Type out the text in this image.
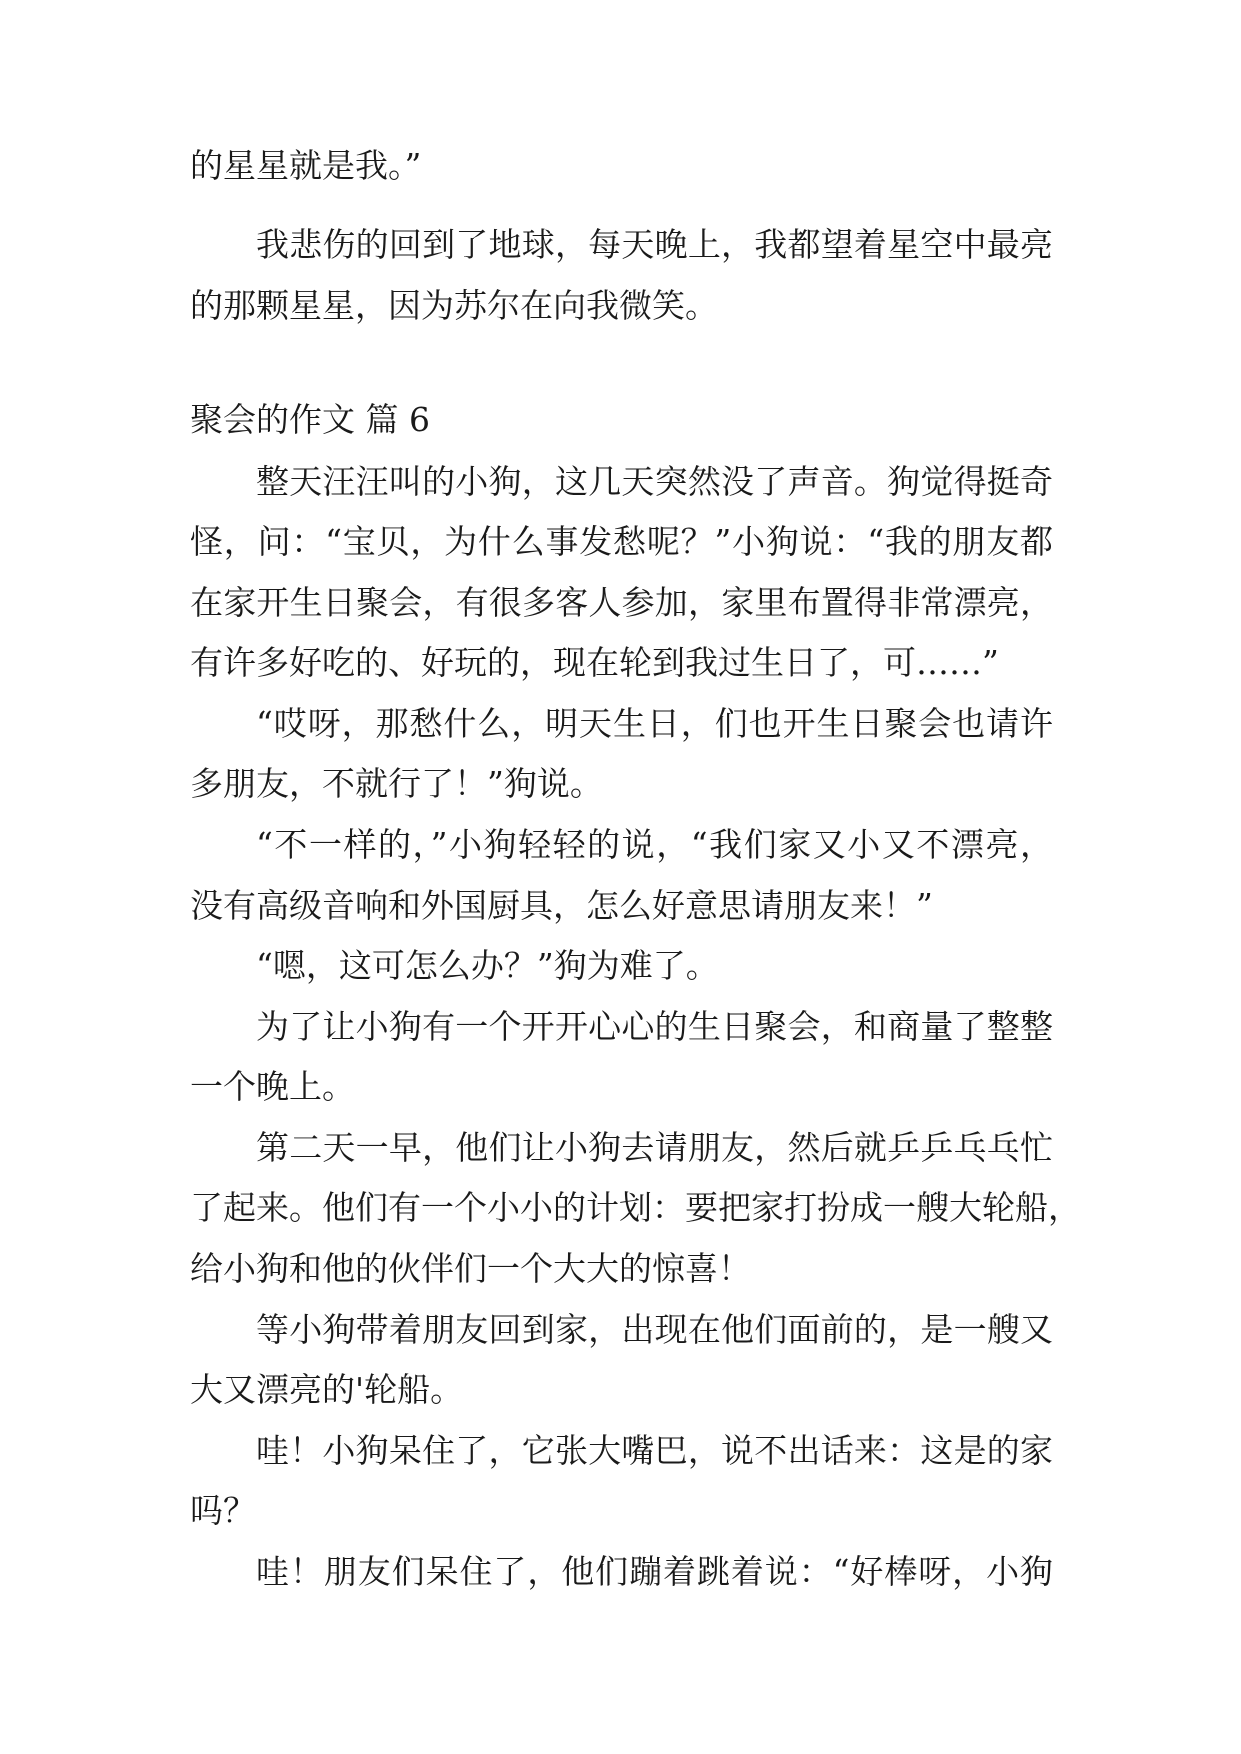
的星星就是我。”
我悲伤的回到了地球，每天晚上，我都望着星空中最亮
的那颗星星，因为苏尔在向我微笑。
聚会的作文 篇 6
整天汪汪叫的小狗，这几天突然没了声音。狗觉得挺奇
怪，问：“宝贝，为什么事发愁呢？”小狗说：“我的朋友都
在家开生日聚会，有很多客人参加，家里布置得非常漂亮，
有许多好吃的、好玩的，现在轮到我过生日了，可……”
“哎呀，那愁什么，明天生日，们也开生日聚会也请许
多朋友，不就行了！”狗说。
“不一样的，”小狗轻轻的说，“我们家又小又不漂亮，
没有高级音响和外国厨具，怎么好意思请朋友来！”
“嗯，这可怎么办？”狗为难了。
为了让小狗有一个开开心心的生日聚会，和商量了整整
一个晚上。
第二天一早，他们让小狗去请朋友，然后就乒乒乓乓忙
了起来。他们有一个小小的计划：要把家打扮成一艘大轮船，
给小狗和他的伙伴们一个大大的惊喜！
等小狗带着朋友回到家，出现在他们面前的，是一艘又
大又漂亮的'轮船。
哇！小狗呆住了，它张大嘴巴，说不出话来：这是的家
吗？
哇！朋友们呆住了，他们蹦着跳着说：“好棒呀，小狗
